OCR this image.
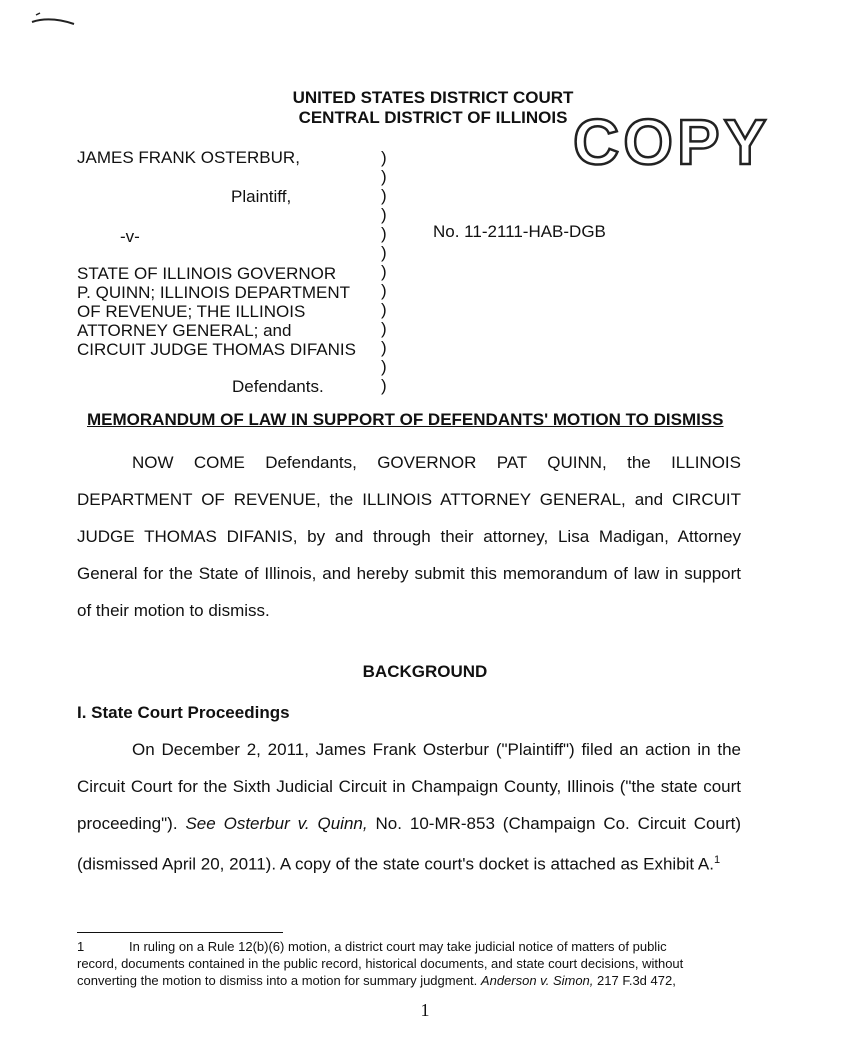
UNITED STATES DISTRICT COURT
CENTRAL DISTRICT OF ILLINOIS COPY
JAMES FRANK OSTERBUR,
Plaintiff,
-v-
STATE OF ILLINOIS GOVERNOR
P. QUINN; ILLINOIS DEPARTMENT
OF REVENUE; THE ILLINOIS
ATTORNEY GENERAL; and
CIRCUIT JUDGE THOMAS DIFANIS
Defendants.
No. 11-2111-HAB-DGB
)
)
)
)
)
)
)
)
)
)
)
)
)
MEMORANDUM OF LAW IN SUPPORT OF DEFENDANTS' MOTION TO DISMISS
NOW COME Defendants, GOVERNOR PAT QUINN, the ILLINOIS
DEPARTMENT OF REVENUE, the ILLINOIS ATTORNEY GENERAL, and CIRCUIT
JUDGE THOMAS DIFANIS, by and through their attorney, Lisa Madigan, Attorney
General for the State of Illinois, and hereby submit this memorandum of law in support
of their motion to dismiss.
BACKGROUND
I. State Court Proceedings
On December 2, 2011, James Frank Osterbur ("Plaintiff") filed an action in the
Circuit Court for the Sixth Judicial Circuit in Champaign County, Illinois ("the state court
proceeding"). See Osterbur v. Quinn, No. 10-MR-853 (Champaign Co. Circuit Court)
(dismissed April 20, 2011). A copy of the state court's docket is attached as Exhibit A.$^1$
1	In ruling on a Rule 12(b)(6) motion, a district court may take judicial notice of matters of public
record, documents contained in the public record, historical documents, and state court decisions, without
converting the motion to dismiss into a motion for summary judgment. Anderson v. Simon, 217 F.3d 472,
1
